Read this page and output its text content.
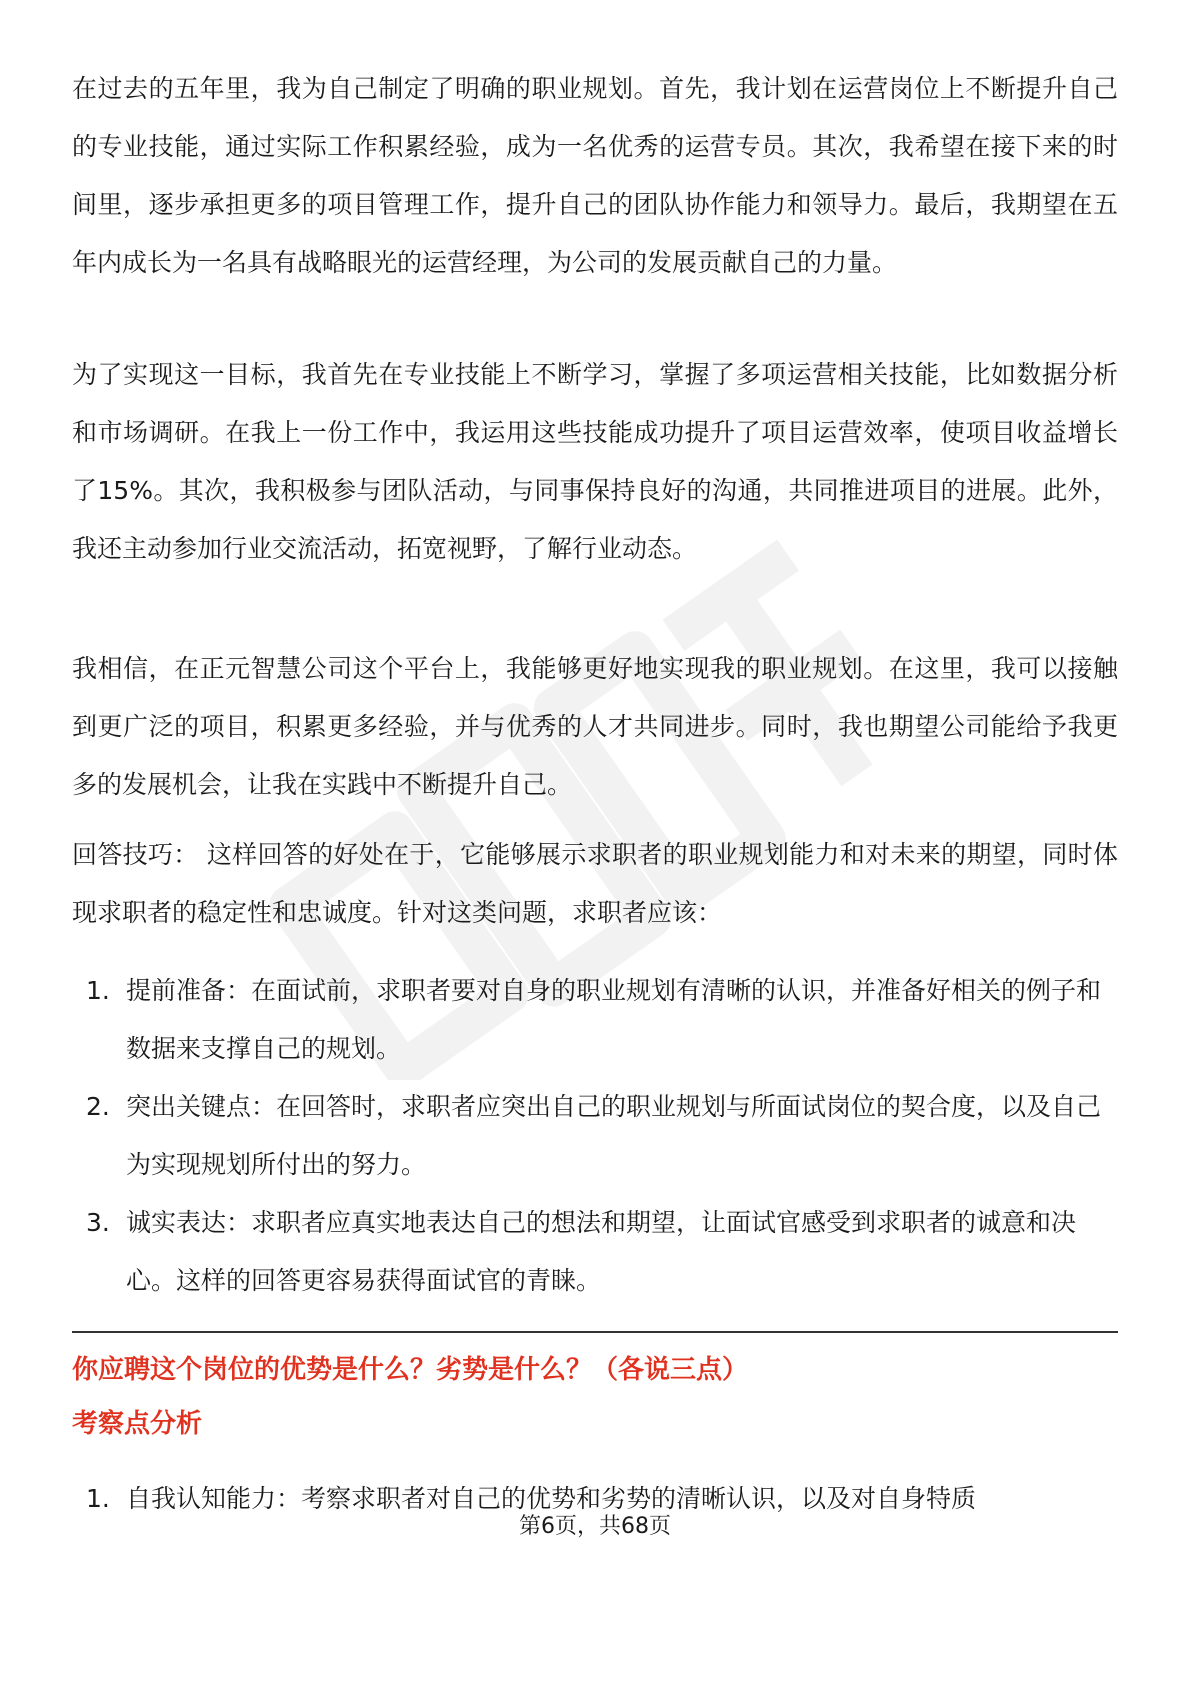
在过去的五年里，我为自己制定了明确的职业规划。首先，我计划在运营岗位上不断提升自己的专业技能，通过实际工作积累经验，成为一名优秀的运营专员。其次，我希望在接下来的时间里，逐步承担更多的项目管理工作，提升自己的团队协作能力和领导力。最后，我期望在五年内成长为一名具有战略眼光的运营经理，为公司的发展贡献自己的力量。

为了实现这一目标，我首先在专业技能上不断学习，掌握了多项运营相关技能，比如数据分析和市场调研。在我上一份工作中，我运用这些技能成功提升了项目运营效率，使项目收益增长了15%。其次，我积极参与团队活动，与同事保持良好的沟通，共同推进项目的进展。此外，我还主动参加行业交流活动，拓宽视野，了解行业动态。

我相信，在正元智慧公司这个平台上，我能够更好地实现我的职业规划。在这里，我可以接触到更广泛的项目，积累更多经验，并与优秀的人才共同进步。同时，我也期望公司能给予我更多的发展机会，让我在实践中不断提升自己。

回答技巧： 这样回答的好处在于，它能够展示求职者的职业规划能力和对未来的期望，同时体现求职者的稳定性和忠诚度。针对这类问题，求职者应该：

1. 提前准备：在面试前，求职者要对自身的职业规划有清晰的认识，并准备好相关的例子和数据来支撑自己的规划。
2. 突出关键点：在回答时，求职者应突出自己的职业规划与所面试岗位的契合度，以及自己为实现规划所付出的努力。
3. 诚实表达：求职者应真实地表达自己的想法和期望，让面试官感受到求职者的诚意和决心。这样的回答更容易获得面试官的青睐。
你应聘这个岗位的优势是什么？劣势是什么？（各说三点）
考察点分析
1. 自我认知能力：考察求职者对自己的优势和劣势的清晰认识，以及对自身特质
第6页，共68页
